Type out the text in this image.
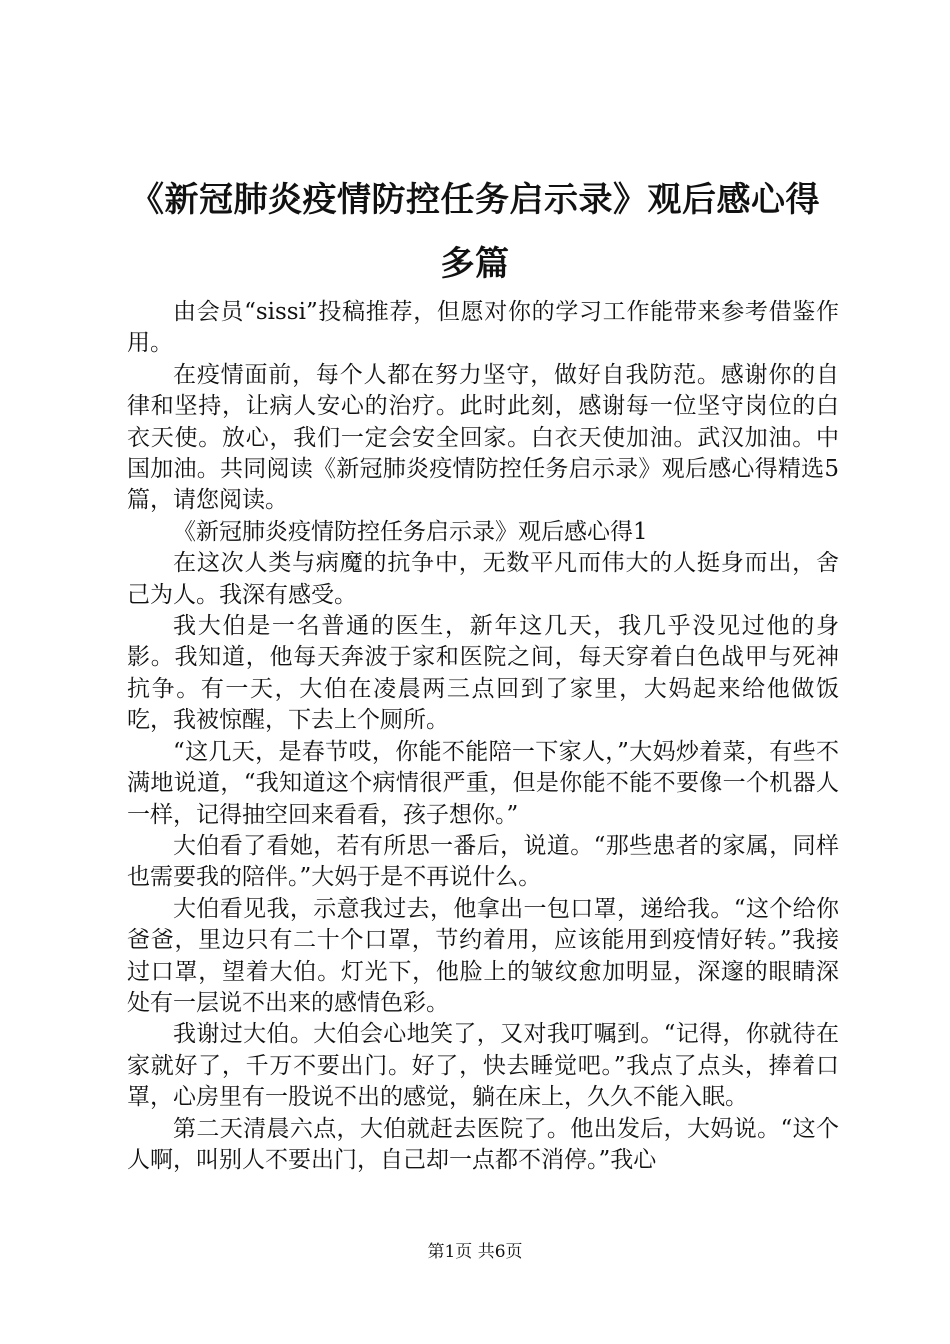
《新冠肺炎疫情防控任务启示录》观后感心得多篇

由会员“sissi”投稿推荐，但愿对你的学习工作能带来参考借鉴作用。

在疫情面前，每个人都在努力坚守，做好自我防范。感谢你的自律和坚持，让病人安心的治疗。此时此刻，感谢每一位坚守岗位的白衣天使。放心，我们一定会安全回家。白衣天使加油。武汉加油。中国加油。共同阅读《新冠肺炎疫情防控任务启示录》观后感心得精选5篇，请您阅读。

《新冠肺炎疫情防控任务启示录》观后感心得1

在这次人类与病魔的抗争中，无数平凡而伟大的人挺身而出，舍己为人。我深有感受。

我大伯是一名普通的医生，新年这几天，我几乎没见过他的身影。我知道，他每天奔波于家和医院之间，每天穿着白色战甲与死神抗争。有一天，大伯在凌晨两三点回到了家里，大妈起来给他做饭吃，我被惊醒，下去上个厕所。

“这几天，是春节哎，你能不能陪一下家人，”大妈炒着菜，有些不满地说道，“我知道这个病情很严重，但是你能不能不要像一个机器人一样，记得抽空回来看看，孩子想你。”

大伯看了看她，若有所思一番后，说道。“那些患者的家属，同样也需要我的陪伴。”大妈于是不再说什么。

大伯看见我，示意我过去，他拿出一包口罩，递给我。“这个给你爸爸，里边只有二十个口罩，节约着用，应该能用到疫情好转。”我接过口罩，望着大伯。灯光下，他脸上的皱纹愈加明显，深邃的眼睛深处有一层说不出来的感情色彩。

我谢过大伯。大伯会心地笑了，又对我叮嘱到。“记得，你就待在家就好了，千万不要出门。好了，快去睡觉吧。”我点了点头，捧着口罩，心房里有一股说不出的感觉，躺在床上，久久不能入眠。

第二天清晨六点，大伯就赶去医院了。他出发后，大妈说。“这个人啊，叫别人不要出门，自己却一点都不消停。”我心

第1页 共6页
